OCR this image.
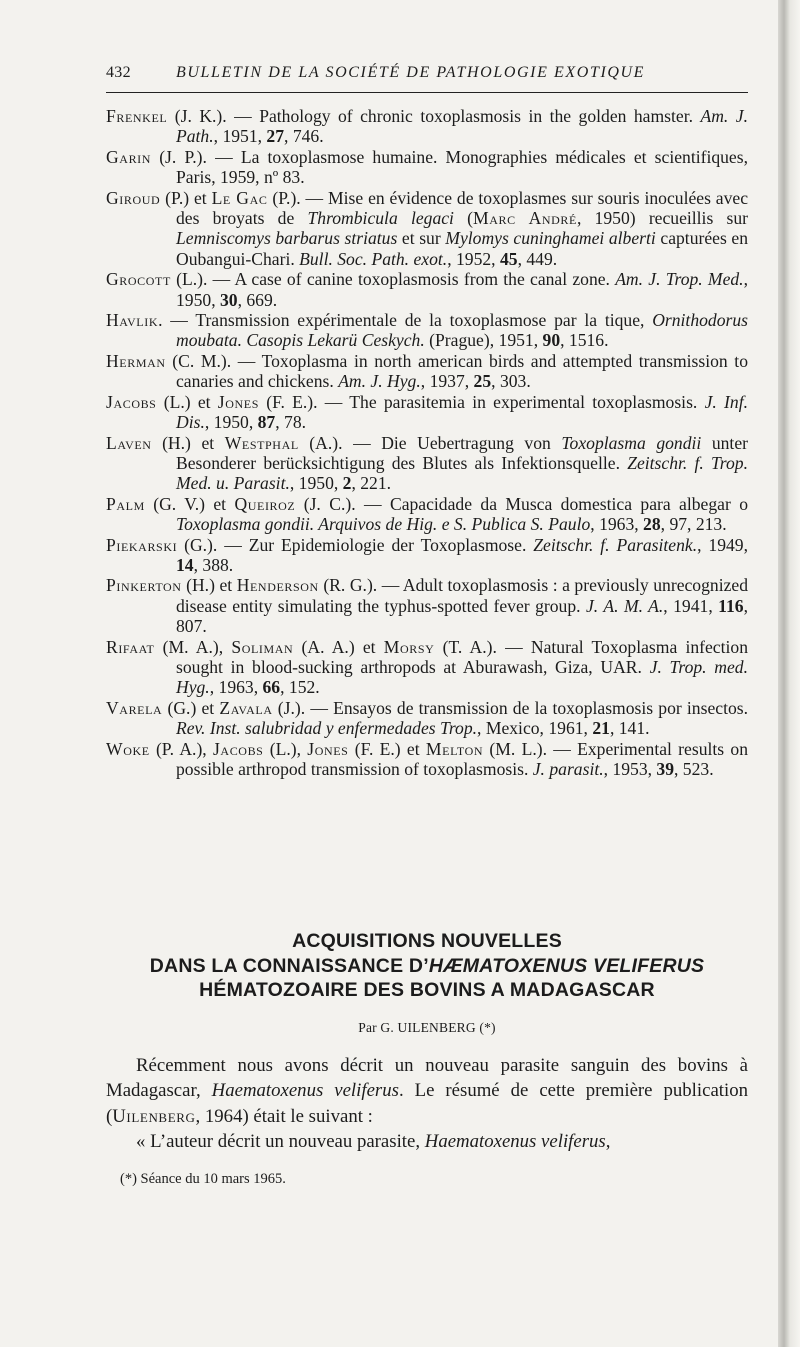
432	BULLETIN DE LA SOCIÉTÉ DE PATHOLOGIE EXOTIQUE

Frenkel (J. K.). — Pathology of chronic toxoplasmosis in the golden hamster. Am. J. Path., 1951, 27, 746.

Garin (J. P.). — La toxoplasmose humaine. Monographies médicales et scientifiques, Paris, 1959, nº 83.

Giroud (P.) et Le Gac (P.). — Mise en évidence de toxoplasmes sur souris inoculées avec des broyats de Thrombicula legaci (Marc André, 1950) recueillis sur Lemniscomys barbarus striatus et sur Mylomys cuninghamei alberti capturées en Oubangui-Chari. Bull. Soc. Path. exot., 1952, 45, 449.

Grocott (L.). — A case of canine toxoplasmosis from the canal zone. Am. J. Trop. Med., 1950, 30, 669.

Havlik. — Transmission expérimentale de la toxoplasmose par la tique, Ornithodorus moubata. Casopis Lekarü Ceskych. (Prague), 1951, 90, 1516.

Herman (C. M.). — Toxoplasma in north american birds and attempted transmission to canaries and chickens. Am. J. Hyg., 1937, 25, 303.

Jacobs (L.) et Jones (F. E.). — The parasitemia in experimental toxoplasmosis. J. Inf. Dis., 1950, 87, 78.

Laven (H.) et Westphal (A.). — Die Uebertragung von Toxoplasma gondii unter Besonderer berücksichtigung des Blutes als Infektionsquelle. Zeitschr. f. Trop. Med. u. Parasit., 1950, 2, 221.

Palm (G. V.) et Queiroz (J. C.). — Capacidade da Musca domestica para albegar o Toxoplasma gondii. Arquivos de Hig. e S. Publica S. Paulo, 1963, 28, 97, 213.

Piekarski (G.). — Zur Epidemiologie der Toxoplasmose. Zeitschr. f. Parasitenk., 1949, 14, 388.

Pinkerton (H.) et Henderson (R. G.). — Adult toxoplasmosis : a previously unrecognized disease entity simulating the typhus-spotted fever group. J. A. M. A., 1941, 116, 807.

Rifaat (M. A.), Soliman (A. A.) et Morsy (T. A.). — Natural Toxoplasma infection sought in blood-sucking arthropods at Aburawash, Giza, UAR. J. Trop. med. Hyg., 1963, 66, 152.

Varela (G.) et Zavala (J.). — Ensayos de transmission de la toxoplasmosis por insectos. Rev. Inst. salubridad y enfermedades Trop., Mexico, 1961, 21, 141.

Woke (P. A.), Jacobs (L.), Jones (F. E.) et Melton (M. L.). — Experimental results on possible arthropod transmission of toxoplasmosis. J. parasit., 1953, 39, 523.

ACQUISITIONS NOUVELLES
DANS LA CONNAISSANCE D’HÆMATOXENUS VELIFERUS
HÉMATOZOAIRE DES BOVINS A MADAGASCAR
Par G. UILENBERG (*)

Récemment nous avons décrit un nouveau parasite sanguin des bovins à Madagascar, Haematoxenus veliferus. Le résumé de cette première publication (Uilenberg, 1964) était le suivant :

« L’auteur décrit un nouveau parasite, Haematoxenus veliferus,

(*) Séance du 10 mars 1965.
